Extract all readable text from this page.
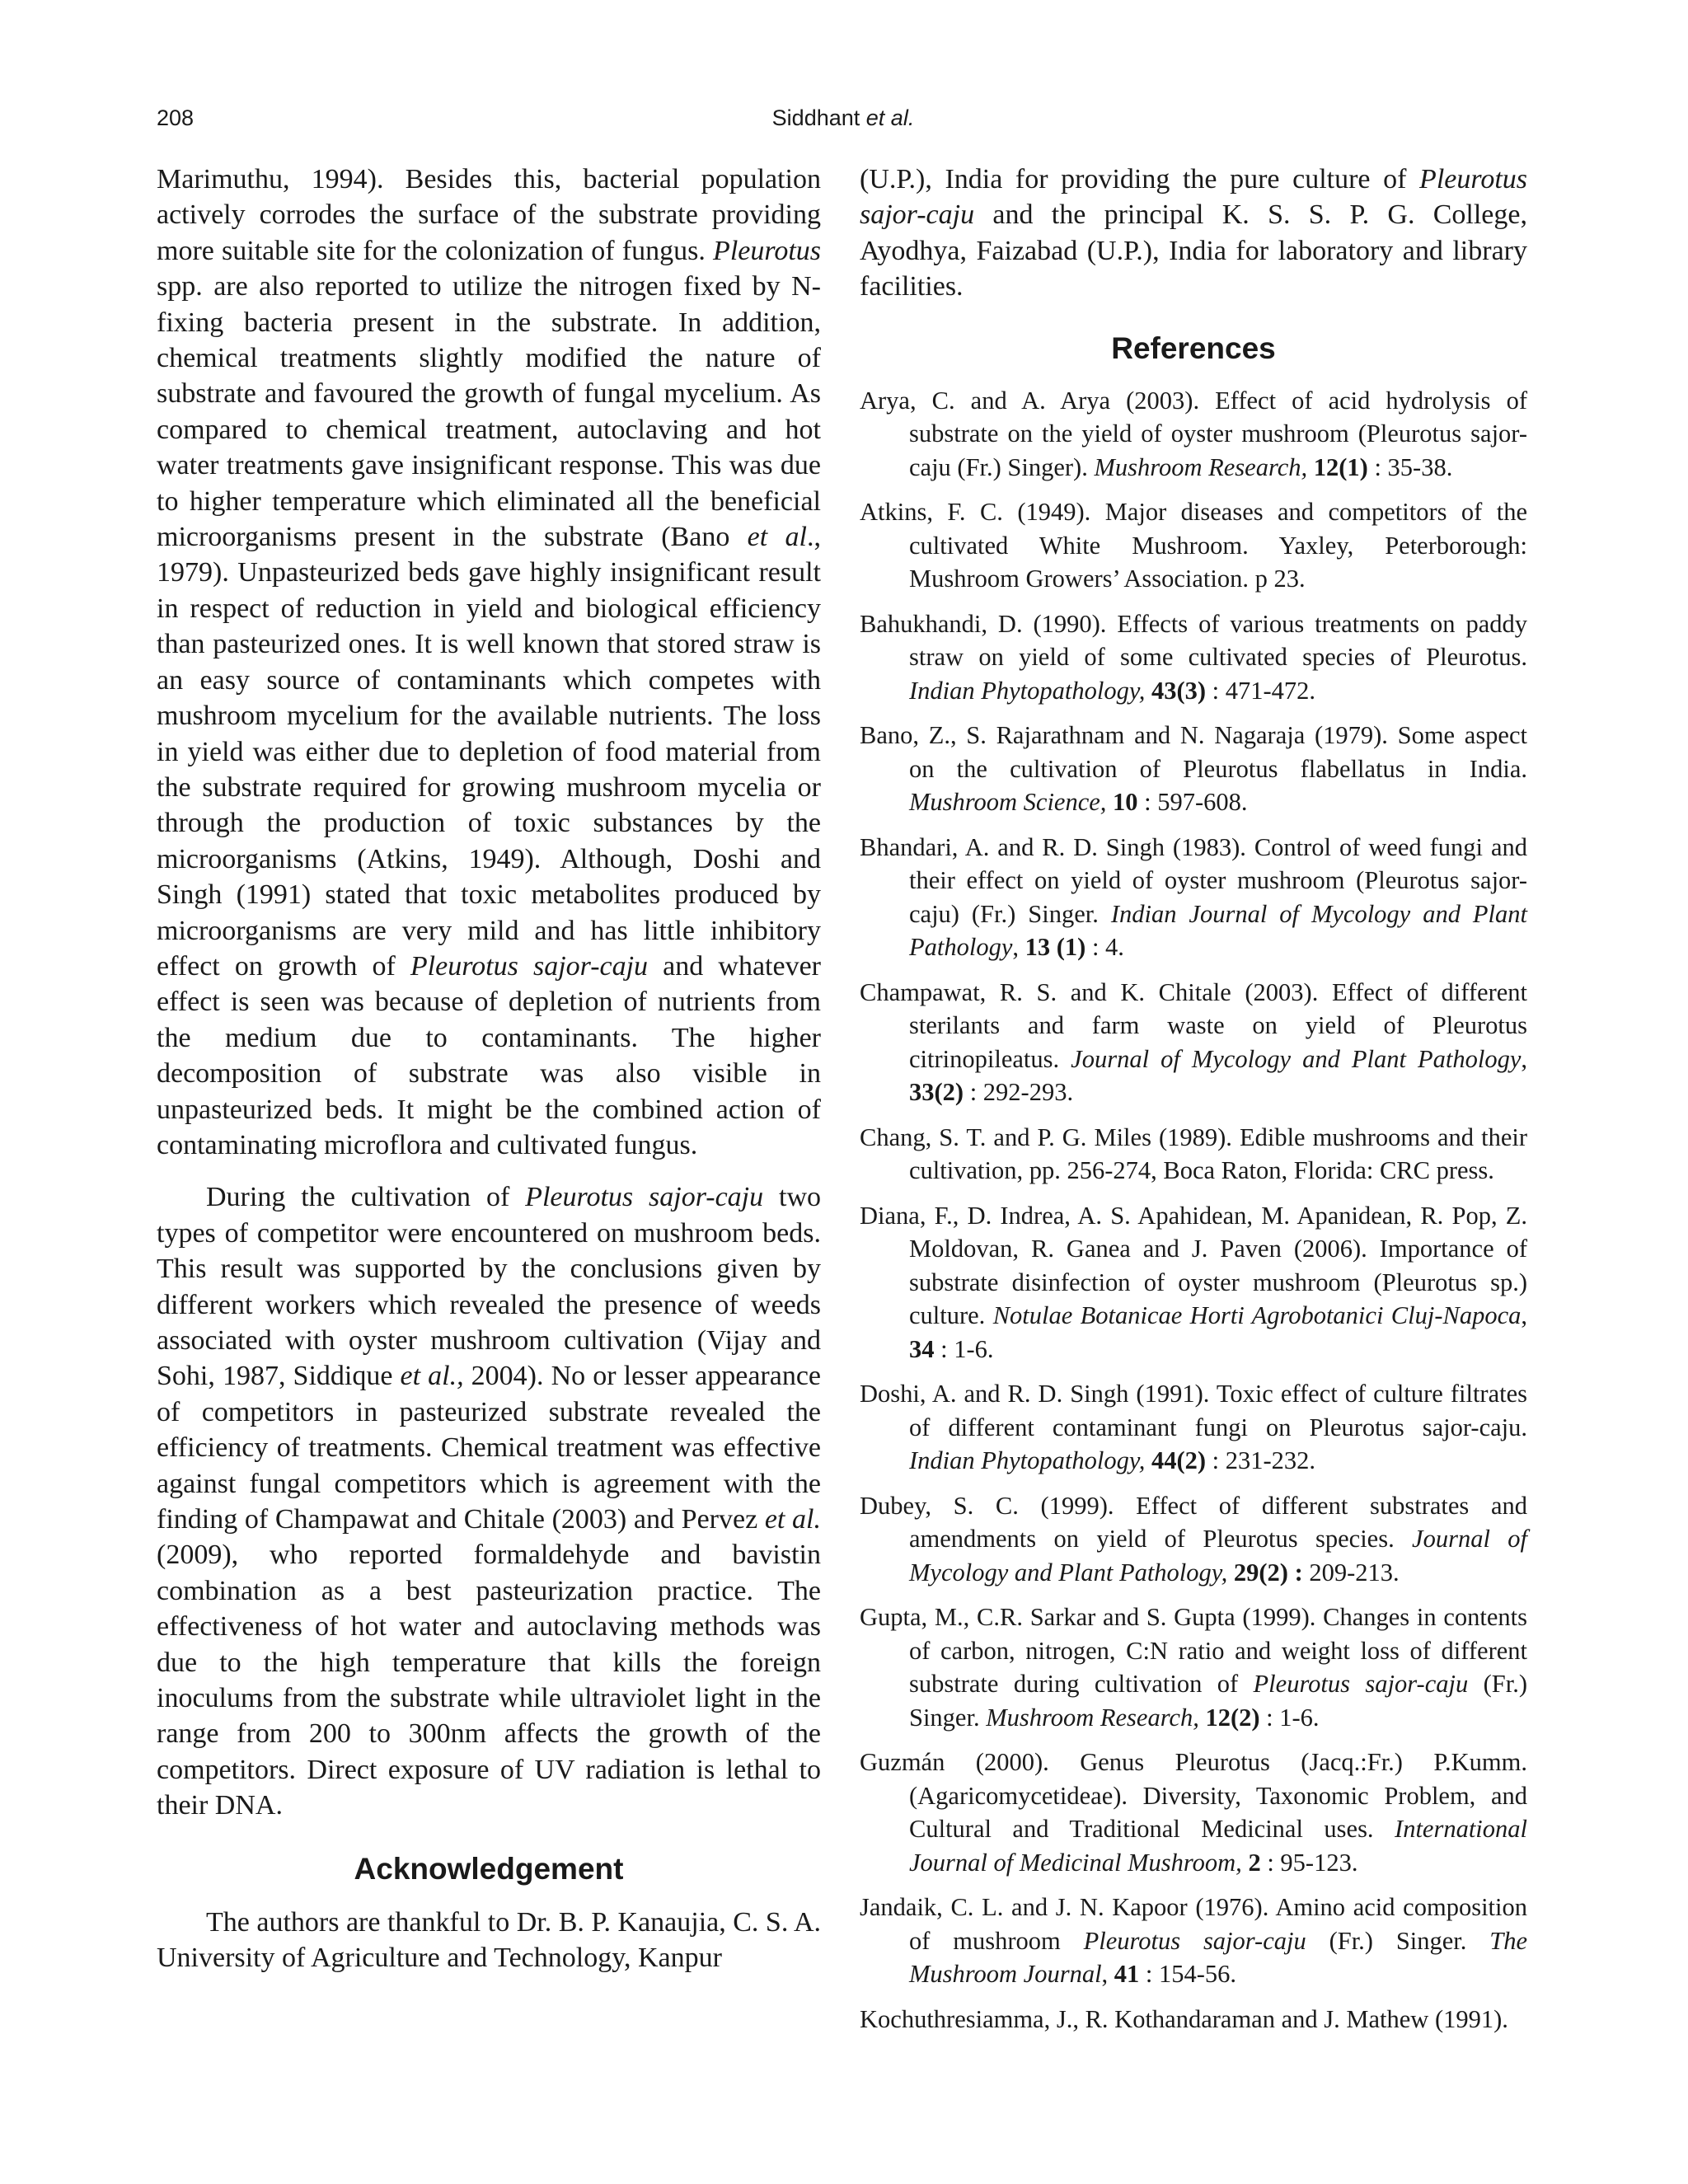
208	Siddhant et al.

Marimuthu, 1994). Besides this, bacterial population actively corrodes the surface of the substrate providing more suitable site for the colonization of fungus. Pleurotus spp. are also reported to utilize the nitrogen fixed by N-fixing bacteria present in the substrate. In addition, chemical treatments slightly modified the nature of substrate and favoured the growth of fungal mycelium. As compared to chemical treatment, autoclaving and hot water treatments gave insignificant response. This was due to higher temperature which eliminated all the beneficial microorganisms present in the substrate (Bano et al., 1979). Unpasteurized beds gave highly insignificant result in respect of reduction in yield and biological efficiency than pasteurized ones. It is well known that stored straw is an easy source of contaminants which competes with mushroom mycelium for the available nutrients. The loss in yield was either due to depletion of food material from the substrate required for growing mushroom mycelia or through the production of toxic substances by the microorganisms (Atkins, 1949). Although, Doshi and Singh (1991) stated that toxic metabolites produced by microorganisms are very mild and has little inhibitory effect on growth of Pleurotus sajor-caju and whatever effect is seen was because of depletion of nutrients from the medium due to contaminants. The higher decomposition of substrate was also visible in unpasteurized beds. It might be the combined action of contaminating microflora and cultivated fungus.

During the cultivation of Pleurotus sajor-caju two types of competitor were encountered on mushroom beds. This result was supported by the conclusions given by different workers which revealed the presence of weeds associated with oyster mushroom cultivation (Vijay and Sohi, 1987, Siddique et al., 2004). No or lesser appearance of competitors in pasteurized substrate revealed the efficiency of treatments. Chemical treatment was effective against fungal competitors which is agreement with the finding of Champawat and Chitale (2003) and Pervez et al. (2009), who reported formaldehyde and bavistin combination as a best pasteurization practice. The effectiveness of hot water and autoclaving methods was due to the high temperature that kills the foreign inoculums from the substrate while ultraviolet light in the range from 200 to 300nm affects the growth of the competitors. Direct exposure of UV radiation is lethal to their DNA.

Acknowledgement

The authors are thankful to Dr. B. P. Kanaujia, C. S. A. University of Agriculture and Technology, Kanpur

(U.P.), India for providing the pure culture of Pleurotus sajor-caju and the principal K. S. S. P. G. College, Ayodhya, Faizabad (U.P.), India for laboratory and library facilities.

References
Arya, C. and A. Arya (2003). Effect of acid hydrolysis of substrate on the yield of oyster mushroom (Pleurotus sajor-caju (Fr.) Singer). Mushroom Research, 12(1) : 35-38.
Atkins, F. C. (1949). Major diseases and competitors of the cultivated White Mushroom. Yaxley, Peterborough: Mushroom Growers’ Association. p 23.
Bahukhandi, D. (1990). Effects of various treatments on paddy straw on yield of some cultivated species of Pleurotus. Indian Phytopathology, 43(3) : 471-472.
Bano, Z., S. Rajarathnam and N. Nagaraja (1979). Some aspect on the cultivation of Pleurotus flabellatus in India. Mushroom Science, 10 : 597-608.
Bhandari, A. and R. D. Singh (1983). Control of weed fungi and their effect on yield of oyster mushroom (Pleurotus sajor-caju) (Fr.) Singer. Indian Journal of Mycology and Plant Pathology, 13 (1) : 4.
Champawat, R. S. and K. Chitale (2003). Effect of different sterilants and farm waste on yield of Pleurotus citrinopileatus. Journal of Mycology and Plant Pathology, 33(2) : 292-293.
Chang, S. T. and P. G. Miles (1989). Edible mushrooms and their cultivation, pp. 256-274, Boca Raton, Florida: CRC press.
Diana, F., D. Indrea, A. S. Apahidean, M. Apanidean, R. Pop, Z. Moldovan, R. Ganea and J. Paven (2006). Importance of substrate disinfection of oyster mushroom (Pleurotus sp.) culture. Notulae Botanicae Horti Agrobotanici Cluj-Napoca, 34 : 1-6.
Doshi, A. and R. D. Singh (1991). Toxic effect of culture filtrates of different contaminant fungi on Pleurotus sajor-caju. Indian Phytopathology, 44(2) : 231-232.
Dubey, S. C. (1999). Effect of different substrates and amendments on yield of Pleurotus species. Journal of Mycology and Plant Pathology, 29(2) : 209-213.
Gupta, M., C.R. Sarkar and S. Gupta (1999). Changes in contents of carbon, nitrogen, C:N ratio and weight loss of different substrate during cultivation of Pleurotus sajor-caju (Fr.) Singer. Mushroom Research, 12(2) : 1-6.
Guzmán (2000). Genus Pleurotus (Jacq.:Fr.) P.Kumm. (Agaricomycetideae). Diversity, Taxonomic Problem, and Cultural and Traditional Medicinal uses. International Journal of Medicinal Mushroom, 2 : 95-123.
Jandaik, C. L. and J. N. Kapoor (1976). Amino acid composition of mushroom Pleurotus sajor-caju (Fr.) Singer. The Mushroom Journal, 41 : 154-56.
Kochuthresiamma, J., R. Kothandaraman and J. Mathew (1991).
